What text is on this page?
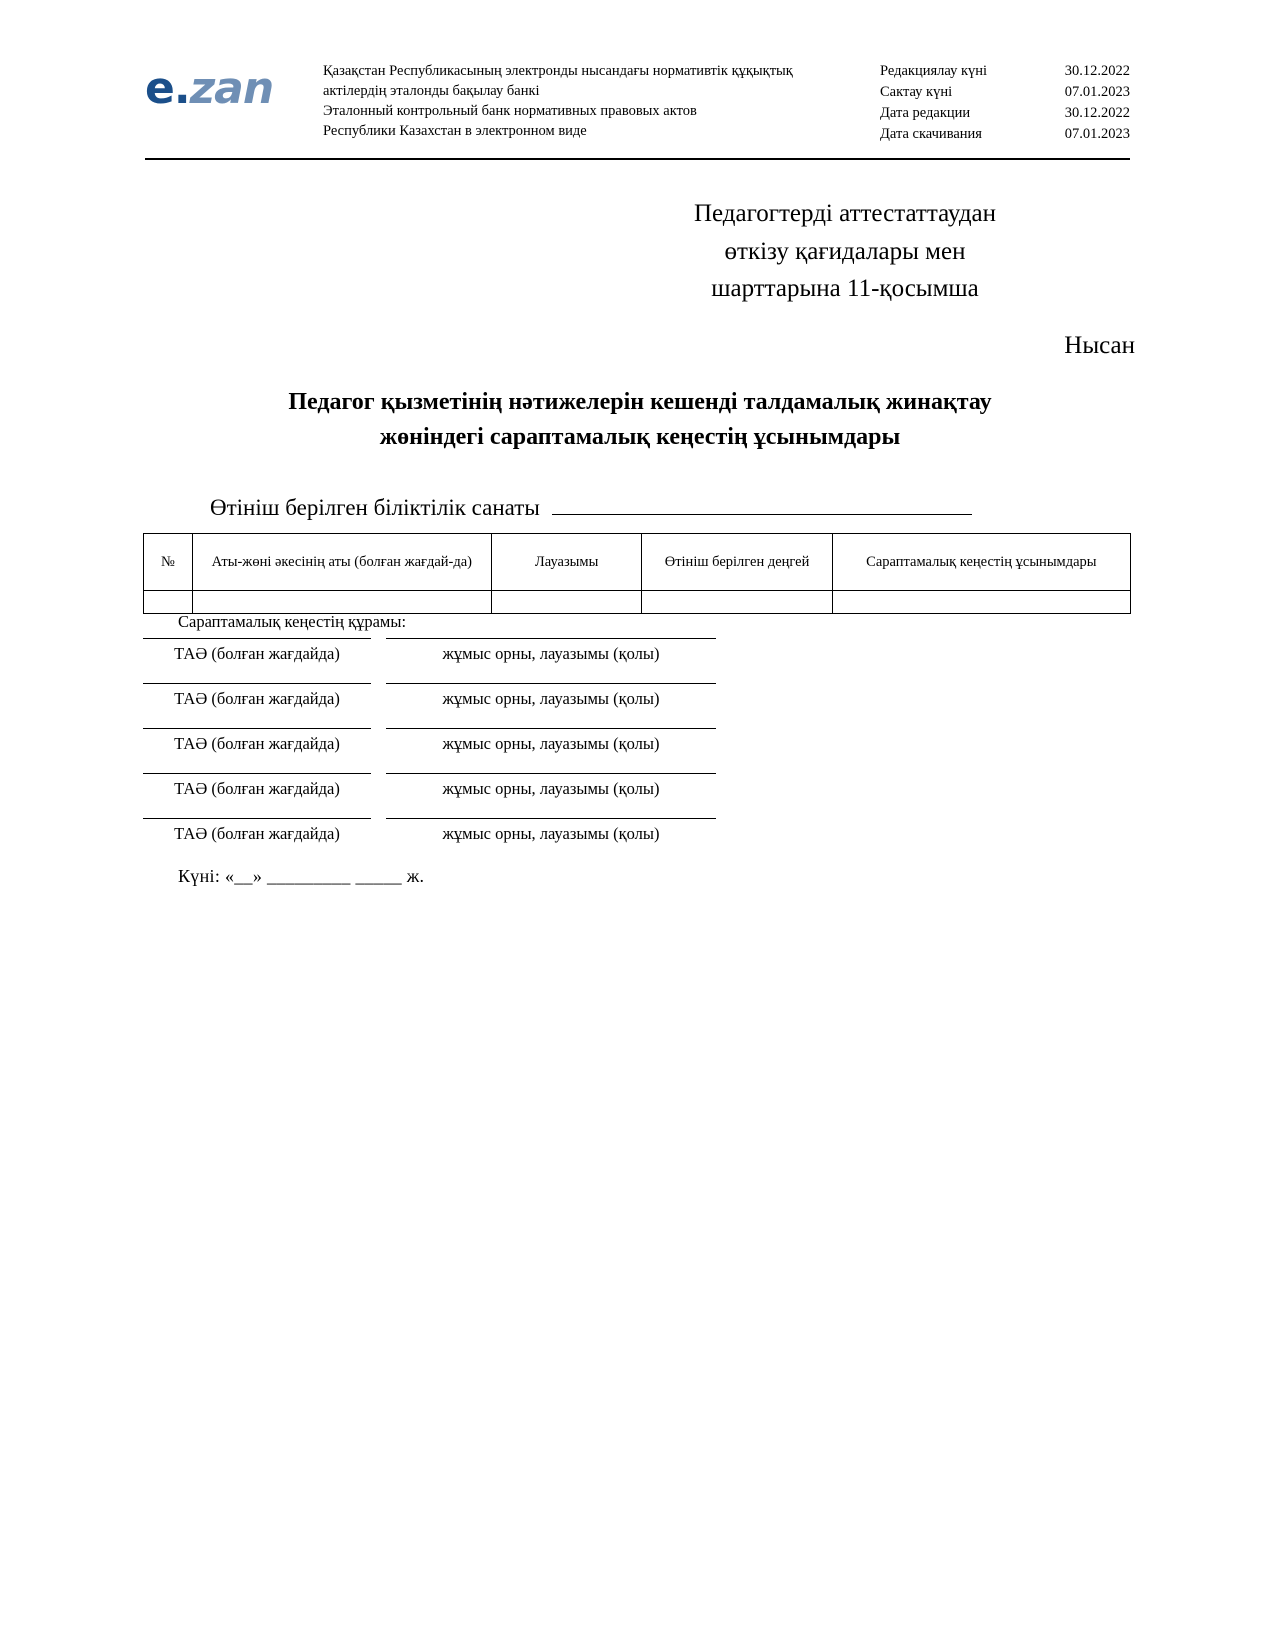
e.zan	Қазақстан Республикасының электронды нысандағы нормативтік құқықтық
актілердің эталонды бақылау банкі
Эталонный контрольный банк нормативных правовых актов
Республики Казахстан в электронном виде
Редакциялау күні	30.12.2022
Сактау күні	07.01.2023
Дата редакции	30.12.2022
Дата скачивания	07.01.2023
Педагогтерді аттестаттаудан
өткізу қағидалары мен
шарттарына 11-қосымша
Нысан
Педагог қызметінің нәтижелерін кешенді талдамалық жинақтау
жөніндегі сараптамалық кеңестің ұсынымдары
Өтініш берілген біліктілік санаты
№	Аты-жөні әкесінің аты (болған жағдай-да)	Лауазымы	Өтініш берілген деңгей	Сараптамалық кеңестің ұсынымдары

Сараптамалық кеңестің құрамы:
ТАӘ (болған жағдайда)	жұмыс орны, лауазымы (қолы)
ТАӘ (болған жағдайда)	жұмыс орны, лауазымы (қолы)
ТАӘ (болған жағдайда)	жұмыс орны, лауазымы (қолы)
ТАӘ (болған жағдайда)	жұмыс орны, лауазымы (қолы)
ТАӘ (болған жағдайда)	жұмыс орны, лауазымы (қолы)
Күні: «__» _________ _____ ж.
